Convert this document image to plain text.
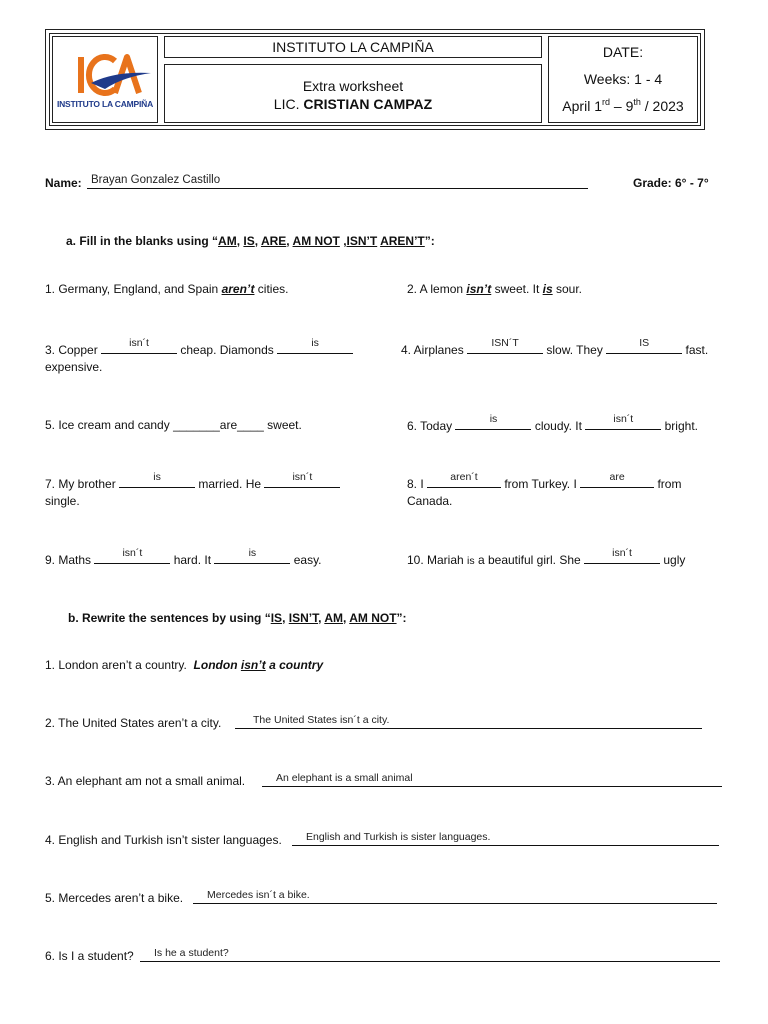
INSTITUTO LA CAMPIÑA
INSTITUTO LA CAMPIÑA
Extra worksheet
LIC. CRISTIAN CAMPAZ
DATE:
Weeks: 1 - 4
April 1rd – 9th / 2023
Name: Brayan Gonzalez Castillo	Grade: 6° - 7°
a. Fill in the blanks using “AM, IS, ARE, AM NOT ,ISN’T AREN’T”:
1. Germany, England, and Spain aren’t cities.	2. A lemon isn’t sweet. It is sour.
3. Copper	isn´t	cheap. Diamonds	is
expensive.
4. Airplanes	ISN´T	slow. They	IS	fast.
5. Ice cream and candy _______are____ sweet.	6. Today	is	cloudy. It	isn´t	bright.
7. My brother	is	married. He	isn´t
single.
8. I	aren´t	from Turkey. I	are	from
Canada.
9. Maths	isn´t	hard. It	is	easy.	10. Mariah is a beautiful girl. She	isn´t	ugly
b. Rewrite the sentences by using “IS, ISN’T, AM, AM NOT”:
1. London aren’t a country. London isn’t a country
2. The United States aren’t a city.	The United States isn´t a city.
3. An elephant am not a small animal.	An elephant is a small animal
4. English and Turkish isn’t sister languages. English and Turkish is sister languages.
5. Mercedes aren’t a bike. Mercedes isn´t a bike.
6. Is I a student? Is he a student?
